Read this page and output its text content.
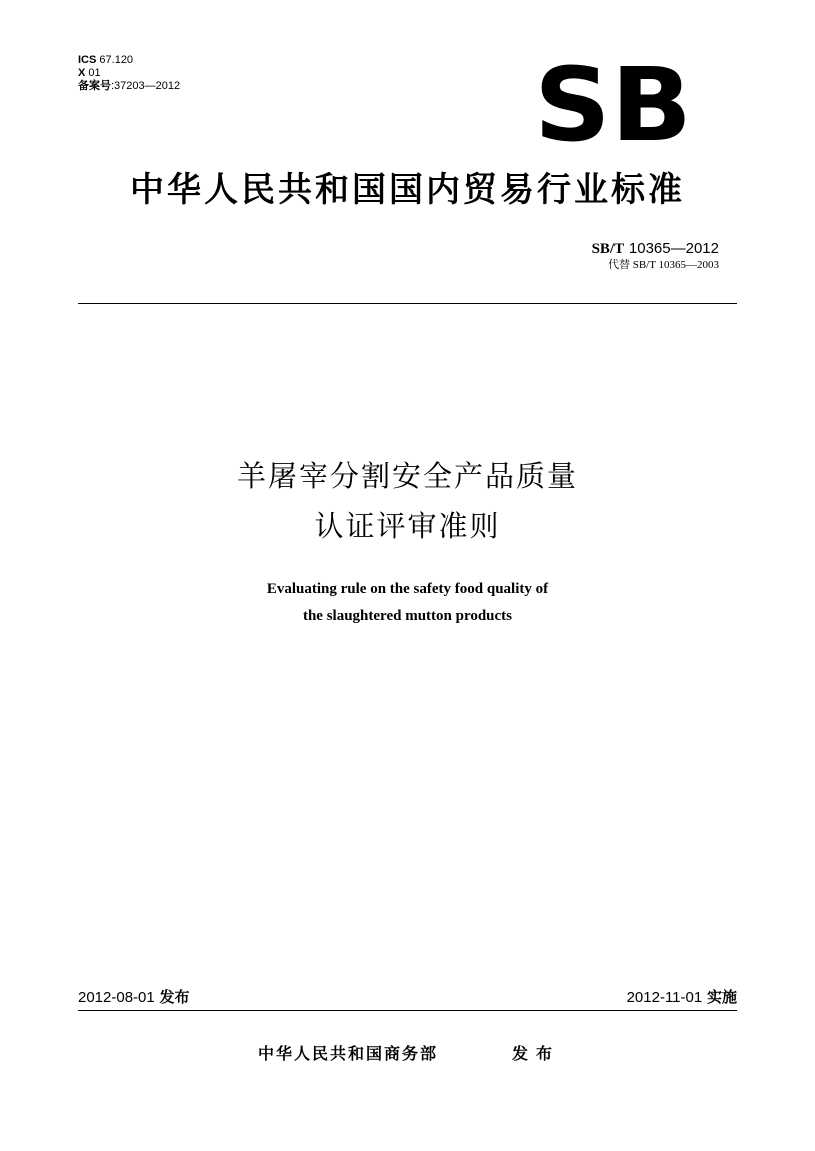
ICS 67.120
X 01
备案号:37203—2012	SB
中华人民共和国国内贸易行业标准
SB/T 10365—2012
代替 SB/T 10365—2003
羊屠宰分割安全产品质量
认证评审准则
Evaluating rule on the safety food quality of
the slaughtered mutton products
2012-08-01 发布	2012-11-01 实施
中华人民共和国商务部	发布
